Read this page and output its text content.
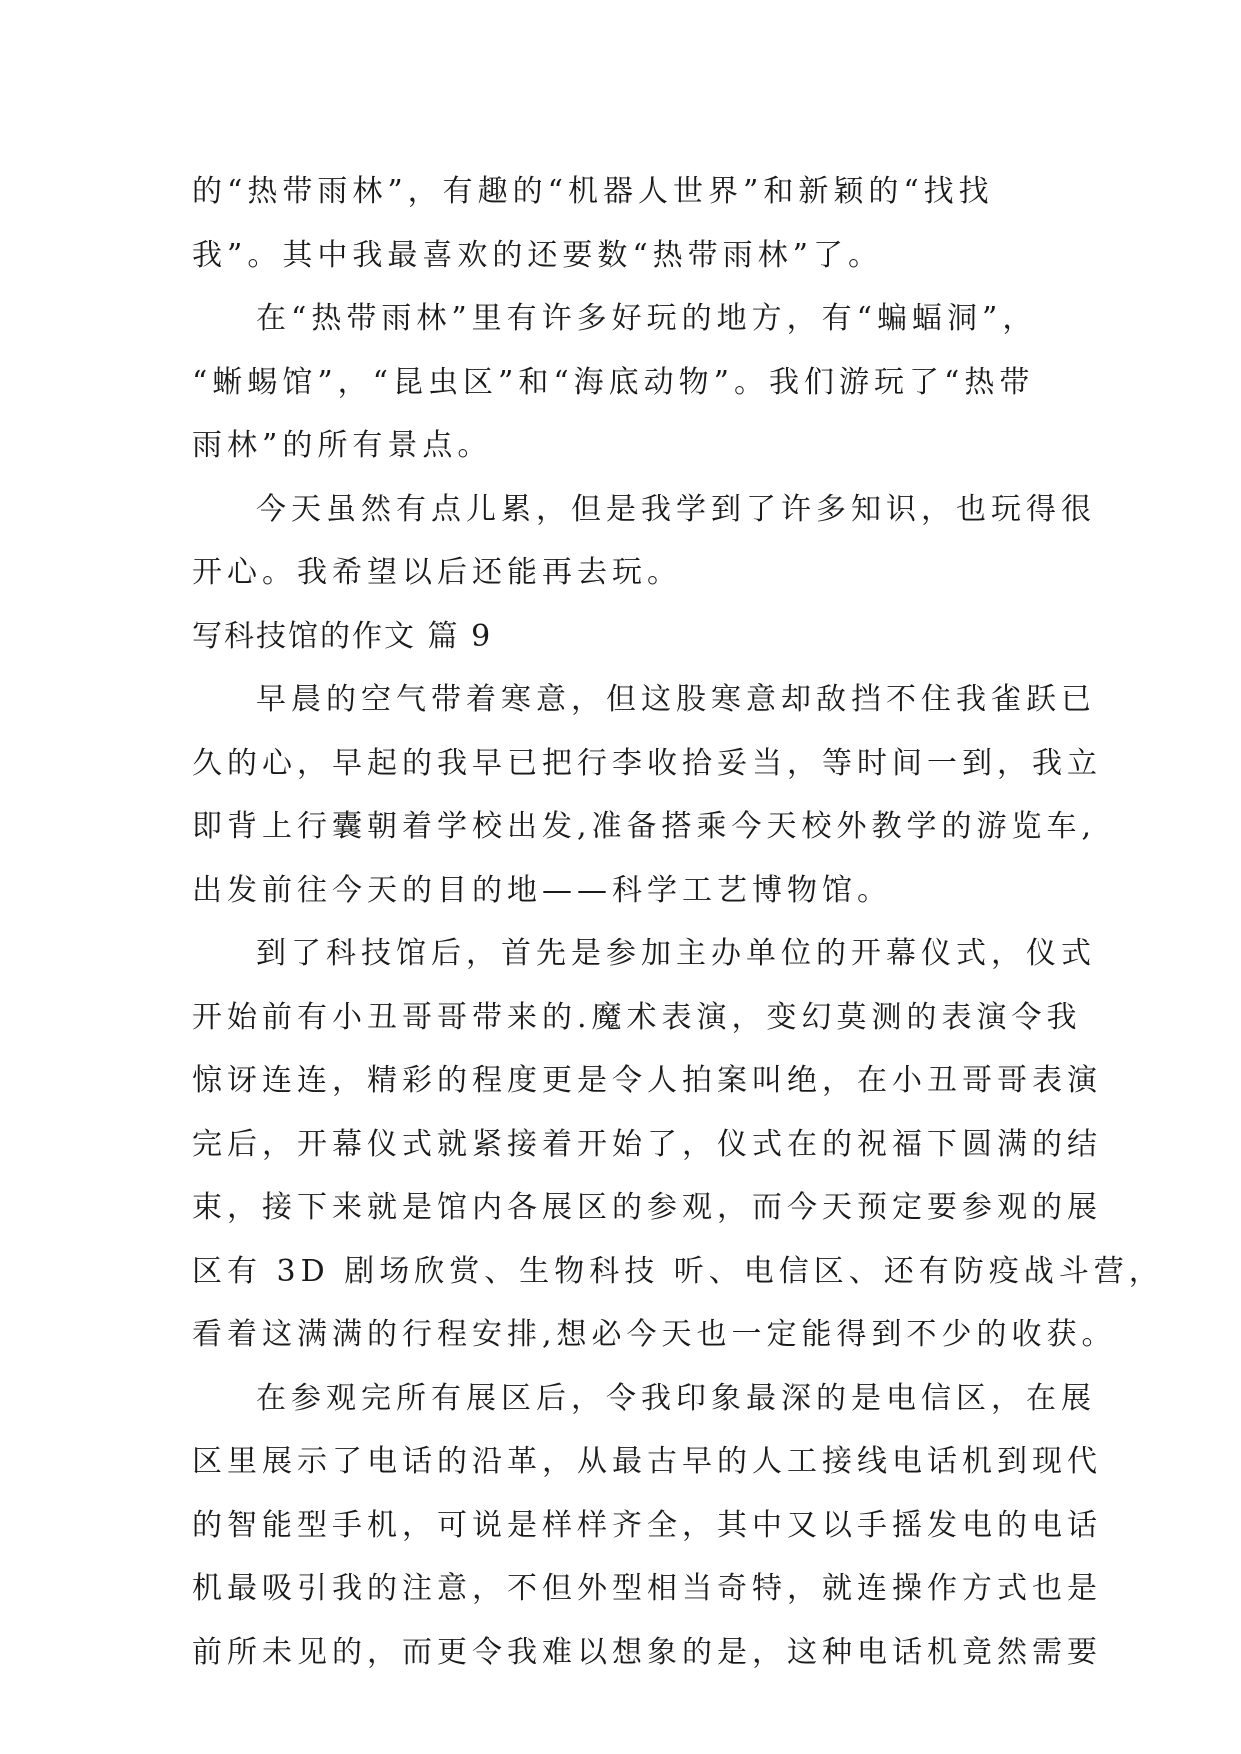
的“热带雨林”，有趣的“机器人世界”和新颖的“找找
我”。其中我最喜欢的还要数“热带雨林”了。
在“热带雨林”里有许多好玩的地方，有“蝙蝠洞”，
“蜥蜴馆”，“昆虫区”和“海底动物”。我们游玩了“热带
雨林”的所有景点。
今天虽然有点儿累，但是我学到了许多知识，也玩得很
开心。我希望以后还能再去玩。
写科技馆的作文 篇 9
早晨的空气带着寒意，但这股寒意却敌挡不住我雀跃已
久的心，早起的我早已把行李收拾妥当，等时间一到，我立
即背上行囊朝着学校出发,准备搭乘今天校外教学的游览车,
出发前往今天的目的地——科学工艺博物馆。
到了科技馆后，首先是参加主办单位的开幕仪式，仪式
开始前有小丑哥哥带来的.魔术表演，变幻莫测的表演令我
惊讶连连，精彩的程度更是令人拍案叫绝，在小丑哥哥表演
完后，开幕仪式就紧接着开始了，仪式在的祝福下圆满的结
束，接下来就是馆内各展区的参观，而今天预定要参观的展
区有 3D 剧场欣赏、生物科技 听、电信区、还有防疫战斗营，
看着这满满的行程安排,想必今天也一定能得到不少的收获。
在参观完所有展区后，令我印象最深的是电信区，在展
区里展示了电话的沿革，从最古早的人工接线电话机到现代
的智能型手机，可说是样样齐全，其中又以手摇发电的电话
机最吸引我的注意，不但外型相当奇特，就连操作方式也是
前所未见的，而更令我难以想象的是，这种电话机竟然需要
